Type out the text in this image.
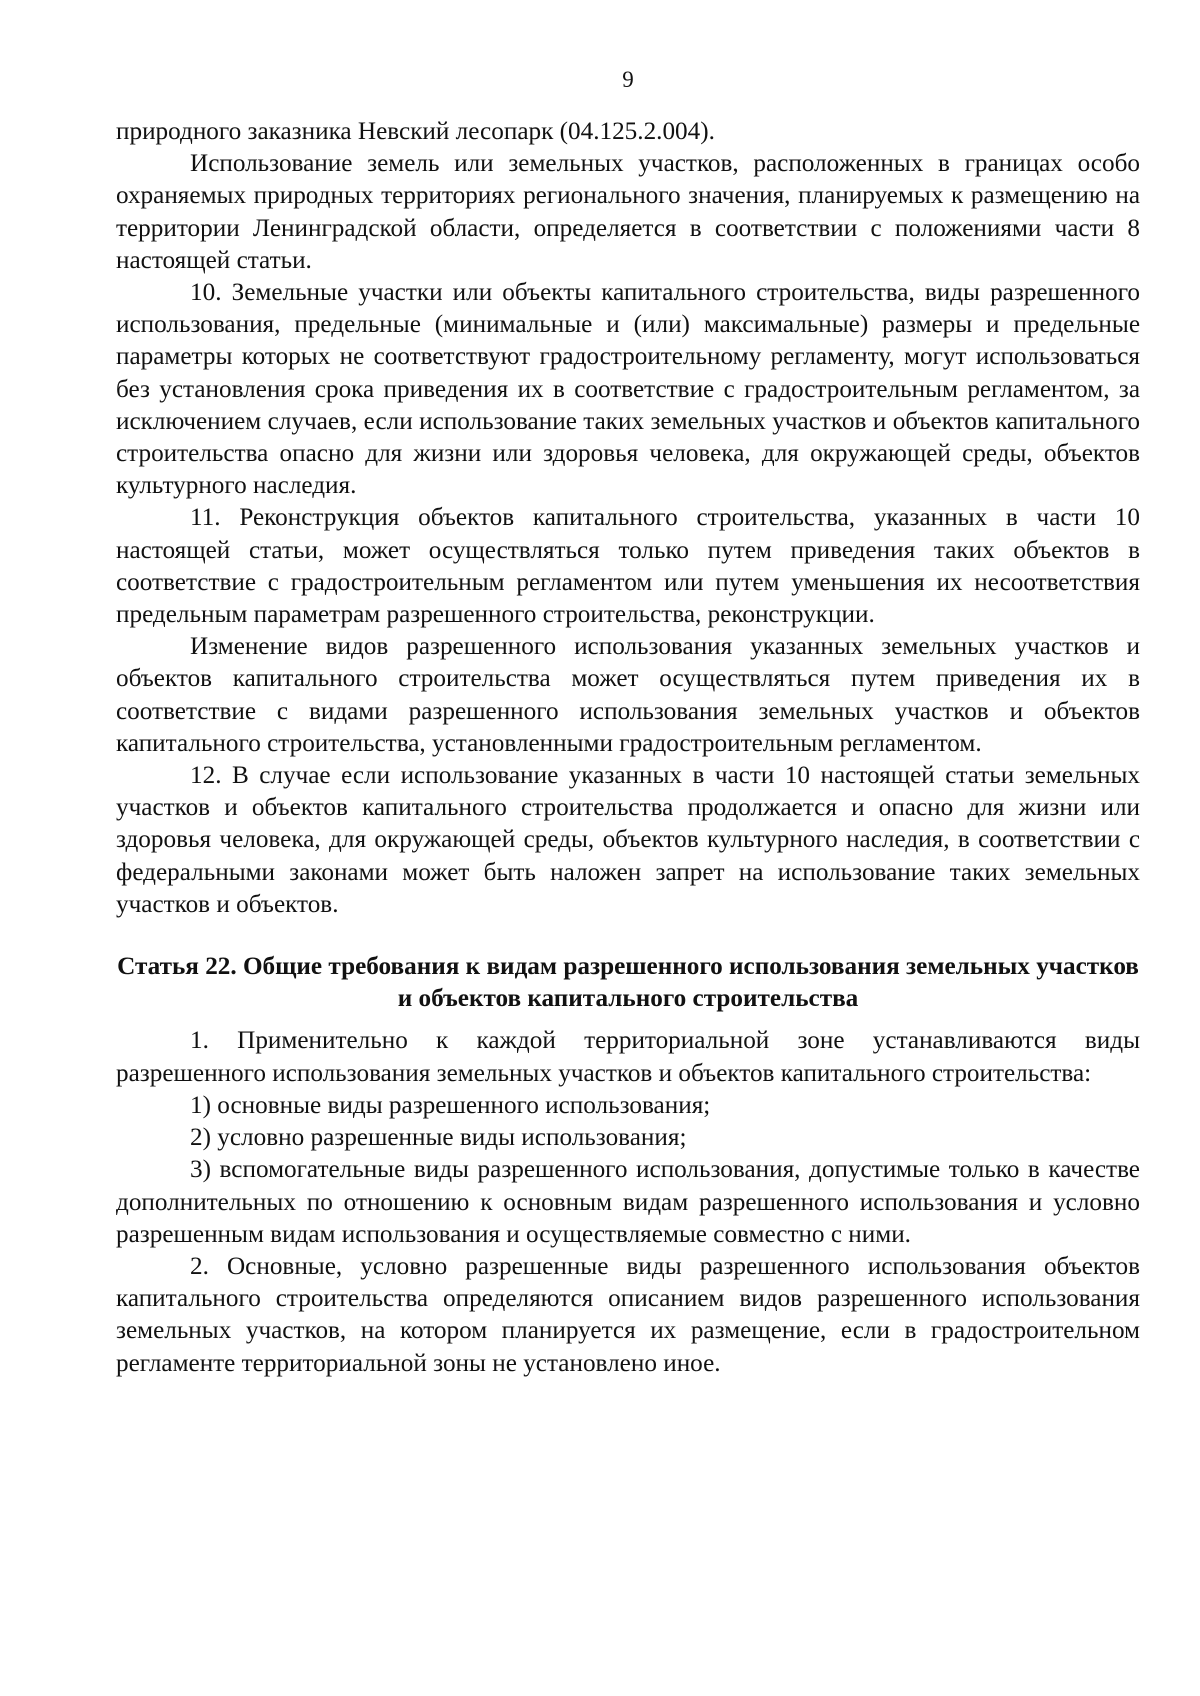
9

природного заказника Невский лесопарк (04.125.2.004).

Использование земель или земельных участков, расположенных в границах особо охраняемых природных территориях регионального значения, планируемых к размещению на территории Ленинградской области, определяется в соответствии с положениями части 8 настоящей статьи.

10. Земельные участки или объекты капитального строительства, виды разрешенного использования, предельные (минимальные и (или) максимальные) размеры и предельные параметры которых не соответствуют градостроительному регламенту, могут использоваться без установления срока приведения их в соответствие с градостроительным регламентом, за исключением случаев, если использование таких земельных участков и объектов капитального строительства опасно для жизни или здоровья человека, для окружающей среды, объектов культурного наследия.

11. Реконструкция объектов капитального строительства, указанных в части 10 настоящей статьи, может осуществляться только путем приведения таких объектов в соответствие с градостроительным регламентом или путем уменьшения их несоответствия предельным параметрам разрешенного строительства, реконструкции.

Изменение видов разрешенного использования указанных земельных участков и объектов капитального строительства может осуществляться путем приведения их в соответствие с видами разрешенного использования земельных участков и объектов капитального строительства, установленными градостроительным регламентом.

12. В случае если использование указанных в части 10 настоящей статьи земельных участков и объектов капитального строительства продолжается и опасно для жизни или здоровья человека, для окружающей среды, объектов культурного наследия, в соответствии с федеральными законами может быть наложен запрет на использование таких земельных участков и объектов.

Статья 22. Общие требования к видам разрешенного использования земельных участков и объектов капитального строительства

1. Применительно к каждой территориальной зоне устанавливаются виды разрешенного использования земельных участков и объектов капитального строительства:

1) основные виды разрешенного использования;

2) условно разрешенные виды использования;

3) вспомогательные виды разрешенного использования, допустимые только в качестве дополнительных по отношению к основным видам разрешенного использования и условно разрешенным видам использования и осуществляемые совместно с ними.

2. Основные, условно разрешенные виды разрешенного использования объектов капитального строительства определяются описанием видов разрешенного использования земельных участков, на котором планируется их размещение, если в градостроительном регламенте территориальной зоны не установлено иное.
